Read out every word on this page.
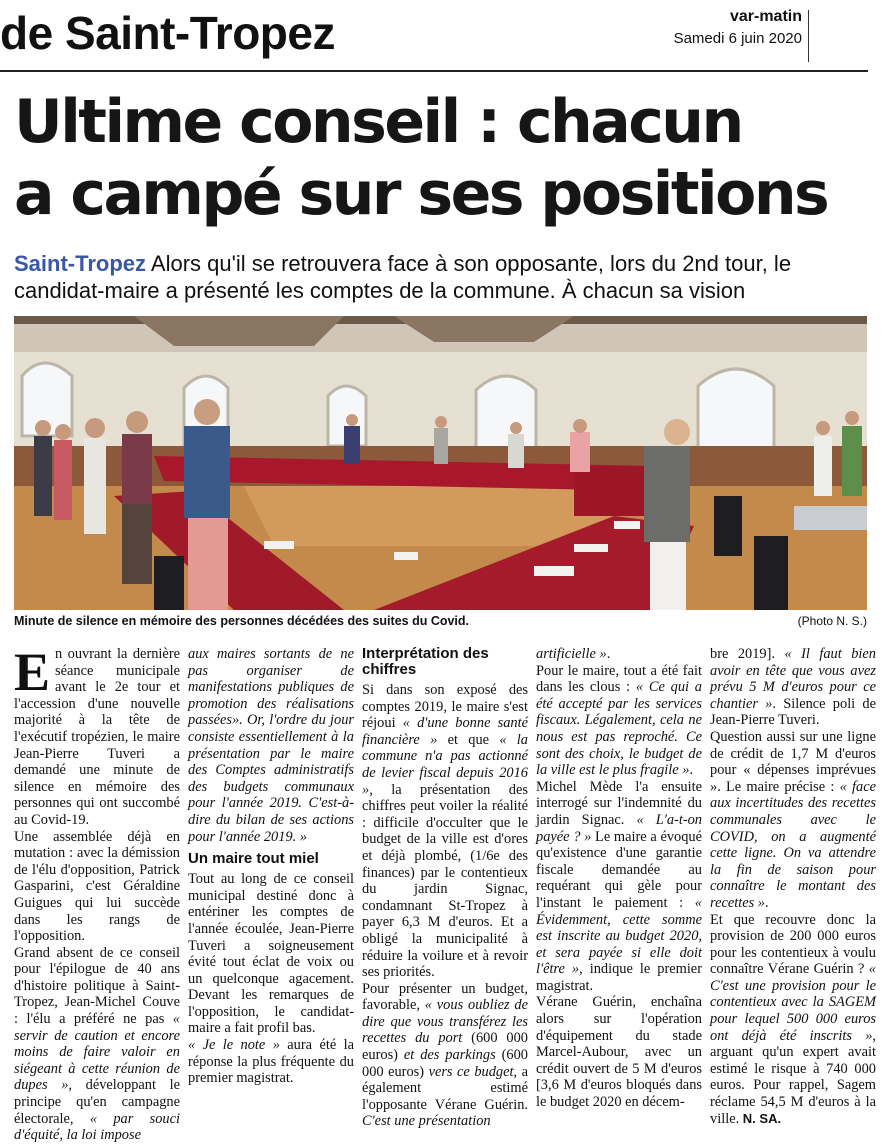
de Saint-Tropez	var-matin
Samedi 6 juin 2020
Ultime conseil : chacun
a campé sur ses positions
Saint-Tropez Alors qu'il se retrouvera face à son opposante, lors du 2nd tour, le candidat-maire a présenté les comptes de la commune. À chacun sa vision
Minute de silence en mémoire des personnes décédées des suites du Covid.	(Photo N. S.)

En ouvrant la dernière séance municipale avant le 2e tour et l'accession d'une nouvelle majorité à la tête de l'exécutif tropézien, le maire Jean-Pierre Tuveri a demandé une minute de silence en mémoire des personnes qui ont succombé au Covid-19.

Une assemblée déjà en mutation : avec la démission de l'élu d'opposition, Patrick Gasparini, c'est Géraldine Guigues qui lui succède dans les rangs de l'opposition.

Grand absent de ce conseil pour l'épilogue de 40 ans d'histoire politique à Saint-Tropez, Jean-Michel Couve : l'élu a préféré ne pas « servir de caution et encore moins de faire valoir en siégeant à cette réunion de dupes », développant le principe qu'en campagne électorale, « par souci d'équité, la loi impose

aux maires sortants de ne pas organiser de manifestations publiques de promotion des réalisations passées». Or, l'ordre du jour consiste essentiellement à la présentation par le maire des Comptes administratifs des budgets communaux pour l'année 2019. C'est-à-dire du bilan de ses actions pour l'année 2019. »

Un maire tout miel

Tout au long de ce conseil municipal destiné donc à entériner les comptes de l'année écoulée, Jean-Pierre Tuveri a soigneusement évité tout éclat de voix ou un quelconque agacement. Devant les remarques de l'opposition, le candidat-maire a fait profil bas.

« Je le note » aura été la réponse la plus fréquente du premier magistrat.

Interprétation des chiffres

Si dans son exposé des comptes 2019, le maire s'est réjoui « d'une bonne santé financière » et que « la commune n'a pas actionné de levier fiscal depuis 2016 », la présentation des chiffres peut voiler la réalité : difficile d'occulter que le budget de la ville est d'ores et déjà plombé, (1/6e des finances) par le contentieux du jardin Signac, condamnant St-Tropez à payer 6,3 M d'euros. Et a obligé la municipalité à réduire la voilure et à revoir ses priorités.

Pour présenter un budget, favorable, « vous oubliez de dire que vous transférez les recettes du port (600 000 euros) et des parkings (600 000 euros) vers ce budget, a également estimé l'opposante Vérane Guérin. C'est une présentation

artificielle ».

Pour le maire, tout a été fait dans les clous : « Ce qui a été accepté par les services fiscaux. Légalement, cela ne nous est pas reproché. Ce sont des choix, le budget de la ville est le plus fragile ».

Michel Mède l'a ensuite interrogé sur l'indemnité du jardin Signac. « L'a-t-on payée ? » Le maire a évoqué qu'existence d'une garantie fiscale demandée au requérant qui gèle pour l'instant le paiement : « Évidemment, cette somme est inscrite au budget 2020, et sera payée si elle doit l'être », indique le premier magistrat.

Vérane Guérin, enchaîna alors sur l'opération d'équipement du stade Marcel-Aubour, avec un crédit ouvert de 5 M d'euros [3,6 M d'euros bloqués dans le budget 2020 en décem-

bre 2019]. « Il faut bien avoir en tête que vous avez prévu 5 M d'euros pour ce chantier ». Silence poli de Jean-Pierre Tuveri.

Question aussi sur une ligne de crédit de 1,7 M d'euros pour « dépenses imprévues ». Le maire précise : « face aux incertitudes des recettes communales avec le COVID, on a augmenté cette ligne. On va attendre la fin de saison pour connaître le montant des recettes ».

Et que recouvre donc la provision de 200 000 euros pour les contentieux à voulu connaître Vérane Guérin ? « C'est une provision pour le contentieux avec la SAGEM pour lequel 500 000 euros ont déjà été inscrits », arguant qu'un expert avait estimé le risque à 740 000 euros. Pour rappel, Sagem réclame 54,5 M d'euros à la ville. N. SA.
